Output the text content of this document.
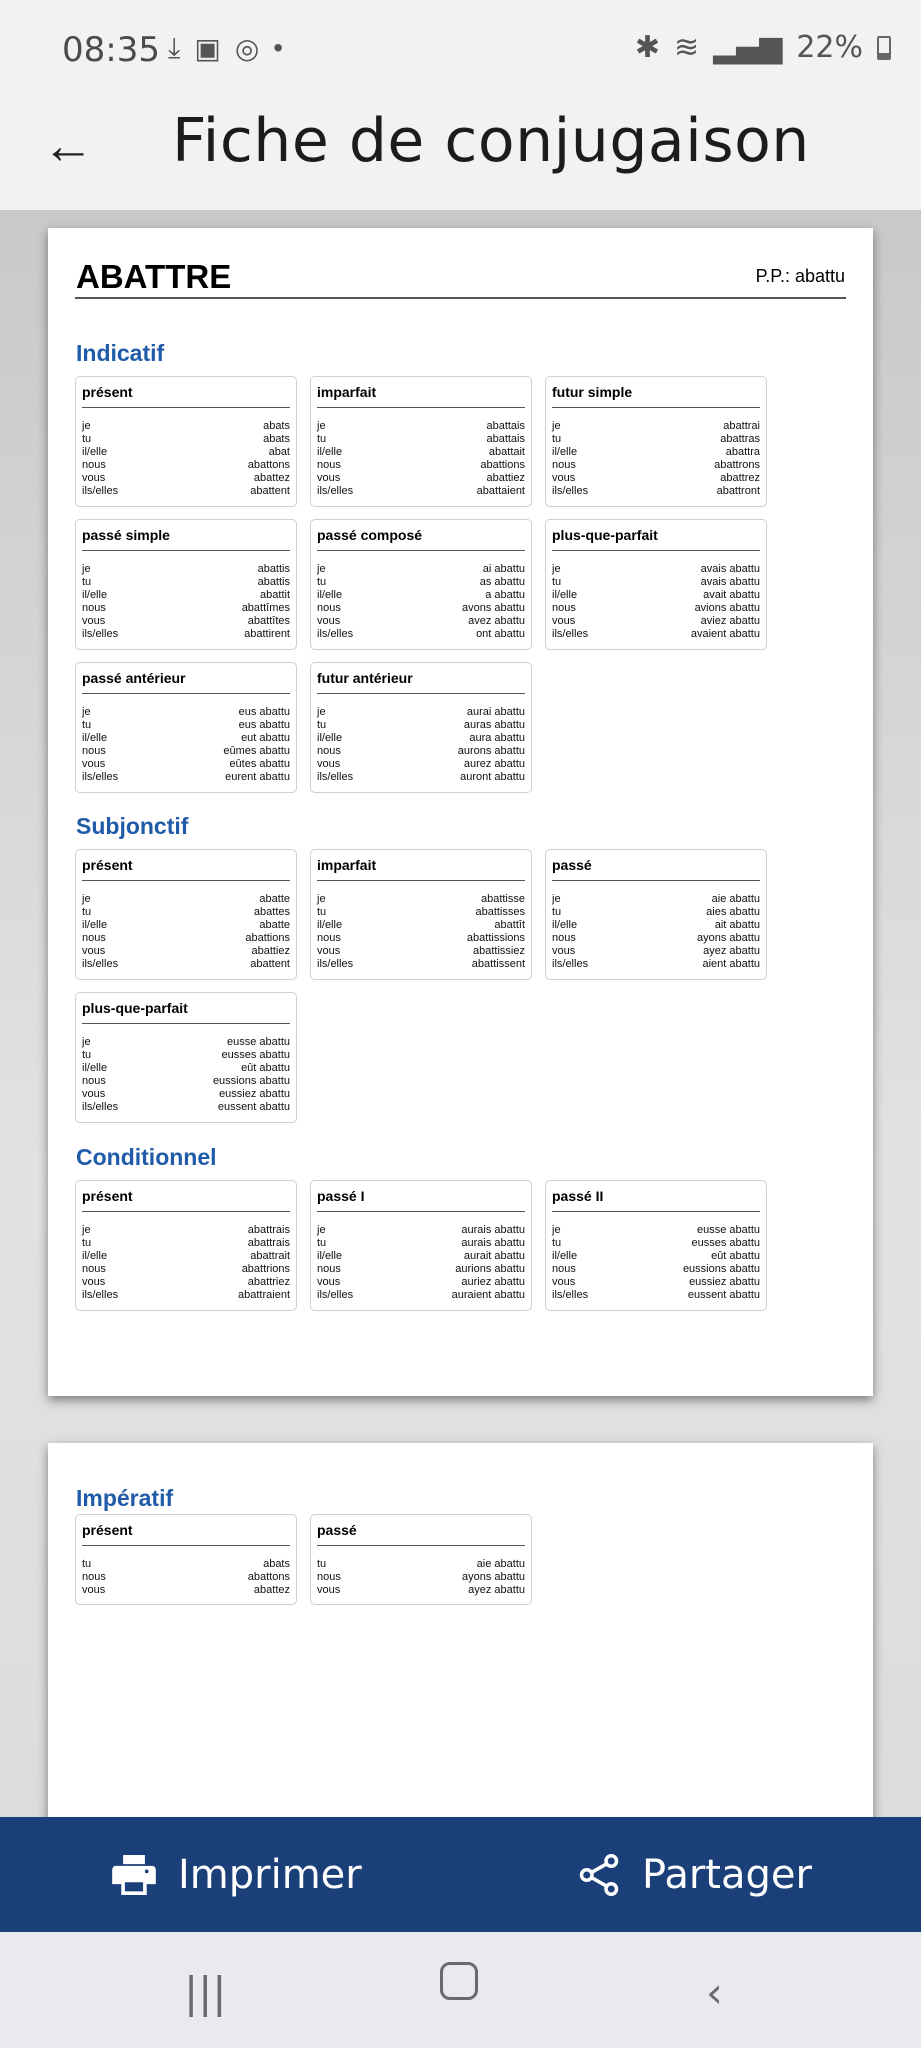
08:35 ⤓ ▣ ◎ •	✱ ≋ ▂▄▆ 22%
← Fiche de conjugaison
ABATTRE	P.P.: abattu
Indicatif
présent
je	abats
tu	abats
il/elle	abat
nous	abattons
vous	abattez
ils/elles	abattent
imparfait
je	abattais
tu	abattais
il/elle	abattait
nous	abattions
vous	abattiez
ils/elles	abattaient
futur simple
je	abattrai
tu	abattras
il/elle	abattra
nous	abattrons
vous	abattrez
ils/elles	abattront
passé simple
je	abattis
tu	abattis
il/elle	abattit
nous	abattîmes
vous	abattîtes
ils/elles	abattirent
passé composé
je	ai abattu
tu	as abattu
il/elle	a abattu
nous	avons abattu
vous	avez abattu
ils/elles	ont abattu
plus-que-parfait
je	avais abattu
tu	avais abattu
il/elle	avait abattu
nous	avions abattu
vous	aviez abattu
ils/elles	avaient abattu
passé antérieur
je	eus abattu
tu	eus abattu
il/elle	eut abattu
nous	eûmes abattu
vous	eûtes abattu
ils/elles	eurent abattu
futur antérieur
je	aurai abattu
tu	auras abattu
il/elle	aura abattu
nous	aurons abattu
vous	aurez abattu
ils/elles	auront abattu
Subjonctif
présent
je	abatte
tu	abattes
il/elle	abatte
nous	abattions
vous	abattiez
ils/elles	abattent
imparfait
je	abattisse
tu	abattisses
il/elle	abattît
nous	abattissions
vous	abattissiez
ils/elles	abattissent
passé
je	aie abattu
tu	aies abattu
il/elle	ait abattu
nous	ayons abattu
vous	ayez abattu
ils/elles	aient abattu
plus-que-parfait
je	eusse abattu
tu	eusses abattu
il/elle	eût abattu
nous	eussions abattu
vous	eussiez abattu
ils/elles	eussent abattu
Conditionnel
présent
je	abattrais
tu	abattrais
il/elle	abattrait
nous	abattrions
vous	abattriez
ils/elles	abattraient
passé I
je	aurais abattu
tu	aurais abattu
il/elle	aurait abattu
nous	aurions abattu
vous	auriez abattu
ils/elles	auraient abattu
passé II
je	eusse abattu
tu	eusses abattu
il/elle	eût abattu
nous	eussions abattu
vous	eussiez abattu
ils/elles	eussent abattu
Impératif
présent
tu	abats
nous	abattons
vous	abattez
passé
tu	aie abattu
nous	ayons abattu
vous	ayez abattu
Imprimer	Partager
|||	‹
